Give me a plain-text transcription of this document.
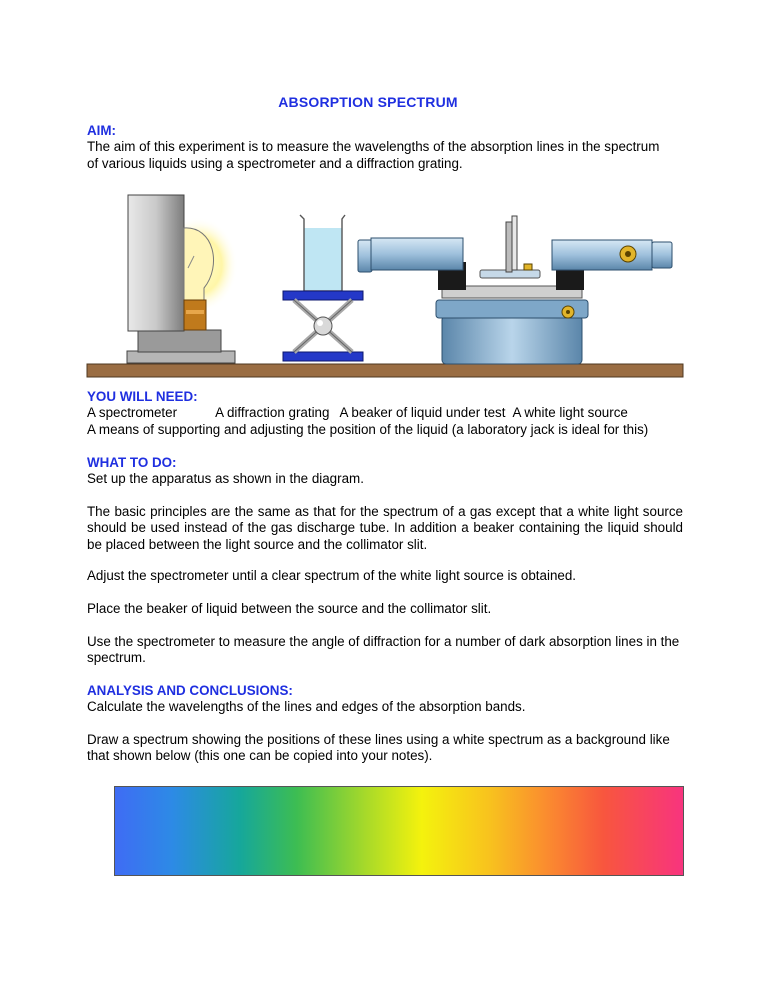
ABSORPTION SPECTRUM
AIM:
The aim of this experiment is to measure the wavelengths of the absorption lines in the spectrum
of various liquids using a spectrometer and a diffraction grating.
YOU WILL NEED:
A spectrometer	A diffraction grating A beaker of liquid under test A white light source
A means of supporting and adjusting the position of the liquid (a laboratory jack is ideal for this)
WHAT TO DO:
Set up the apparatus as shown in the diagram.
The basic principles are the same as that for the spectrum of a gas except that a white light source should be used instead of the gas discharge tube. In addition a beaker containing the liquid should be placed between the light source and the collimator slit.
Adjust the spectrometer until a clear spectrum of the white light source is obtained.
Place the beaker of liquid between the source and the collimator slit.
Use the spectrometer to measure the angle of diffraction for a number of dark absorption lines in the spectrum.
ANALYSIS AND CONCLUSIONS:
Calculate the wavelengths of the lines and edges of the absorption bands.
Draw a spectrum showing the positions of these lines using a white spectrum as a background like that shown below (this one can be copied into your notes).
